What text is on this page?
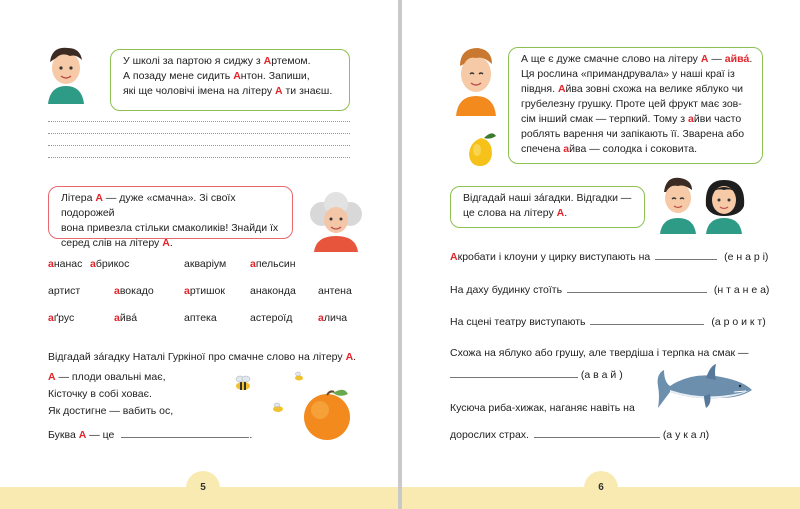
У школі за партою я сиджу з Артемом.
А позаду мене сидить Антон. Запиши,
які ще чоловічі імена на літеру А ти знаєш.
Літера А — дуже «смачна». Зі своїх подорожей
вона привезла стільки смаколиків! Знайди їх
серед слів на літеру А.
ананас абрикос	акваріум апельсин
артист	авокадо	артишок анаконда антена
аґрус	айвá	аптека	астероїд алича
Відгадай зáгадку Наталі Гуркіної про смачне слово на літеру А.
А — плоди овальні має,
Кісточку в собі ховає.
Як достигне — вабить ос,
Буква А — це	.
5
А ще є дуже смачне слово на літеру А — айвá.
Ця рослина «примандрувала» у наші краї із
півдня. Айва зовні схожа на велике яблуко чи
грубелезну грушку. Проте цей фрукт має зов-
сім інший смак — терпкий. Тому з айви часто
роблять варення чи запікають її. Зварена або
спечена айва — солодка і соковита.
Відгадай наші зáгадки. Відгадки —
це слова на літеру А.
Акробати і клоуни у цирку виступають на	(е н а р і)
На даху будинку стоїть	(н т а н е а)
На сцені театру виступають	(а р о и к т)
Схожа на яблуко або грушу, але твердіша і терпка на смак —
(а в а й )
Кусюча риба-хижак, наганяє навіть на
дорослих страх.	(а у к а л)
6
